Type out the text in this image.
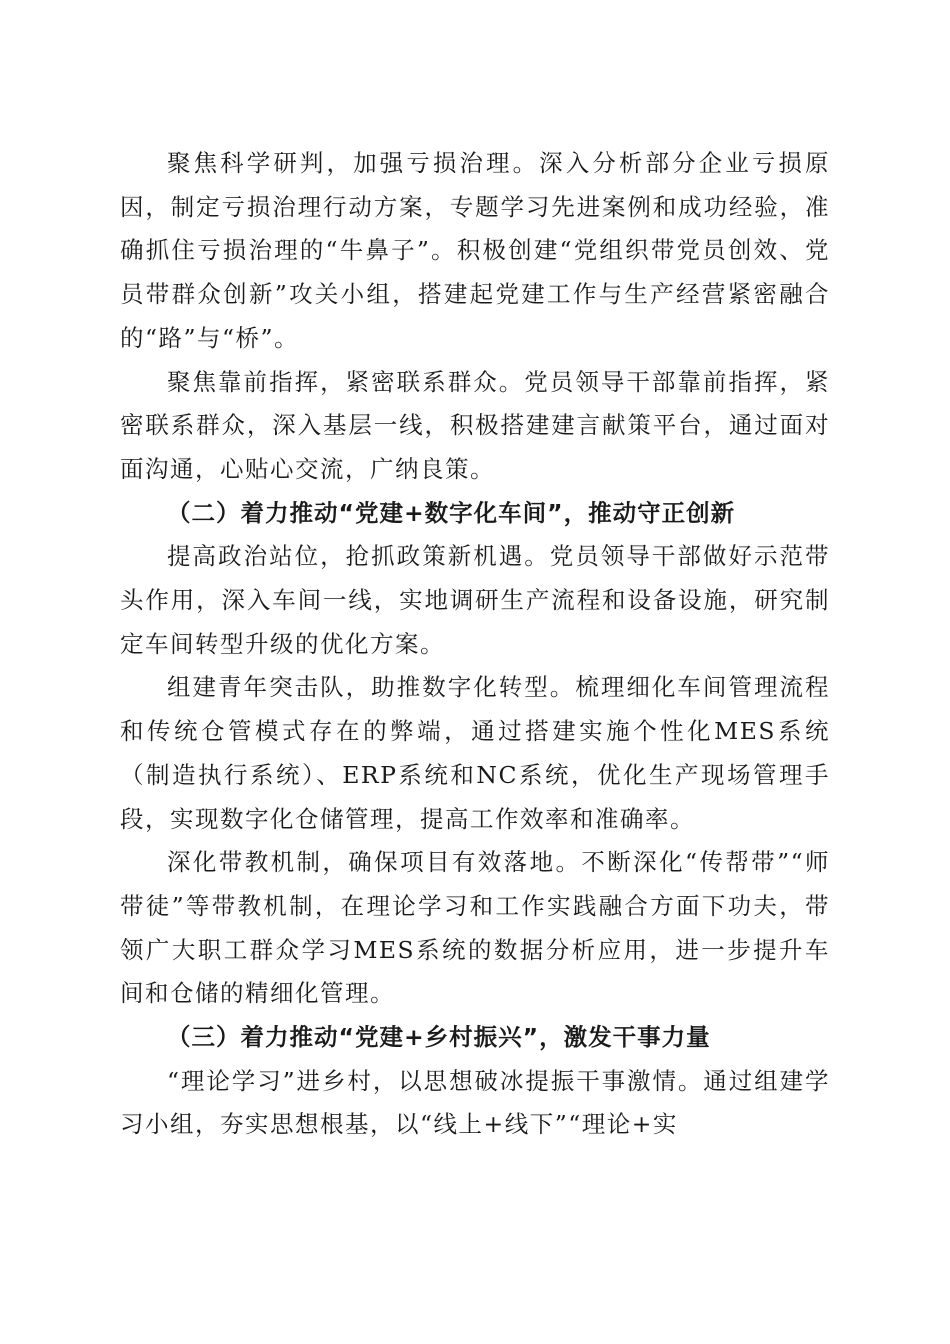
聚焦科学研判，加强亏损治理。深入分析部分企业亏损原因，制定亏损治理行动方案，专题学习先进案例和成功经验，准确抓住亏损治理的“牛鼻子”。积极创建“党组织带党员创效、党员带群众创新”攻关小组，搭建起党建工作与生产经营紧密融合的“路”与“桥”。

聚焦靠前指挥，紧密联系群众。党员领导干部靠前指挥，紧密联系群众，深入基层一线，积极搭建建言献策平台，通过面对面沟通，心贴心交流，广纳良策。

（二）着力推动“党建+数字化车间”，推动守正创新

提高政治站位，抢抓政策新机遇。党员领导干部做好示范带头作用，深入车间一线，实地调研生产流程和设备设施，研究制定车间转型升级的优化方案。

组建青年突击队，助推数字化转型。梳理细化车间管理流程和传统仓管模式存在的弊端，通过搭建实施个性化MES系统（制造执行系统）、ERP系统和NC系统，优化生产现场管理手段，实现数字化仓储管理，提高工作效率和准确率。

深化带教机制，确保项目有效落地。不断深化“传帮带”“师带徒”等带教机制，在理论学习和工作实践融合方面下功夫，带领广大职工群众学习MES系统的数据分析应用，进一步提升车间和仓储的精细化管理。

（三）着力推动“党建+乡村振兴”，激发干事力量

“理论学习”进乡村，以思想破冰提振干事激情。通过组建学习小组，夯实思想根基，以“线上+线下”“理论+实
